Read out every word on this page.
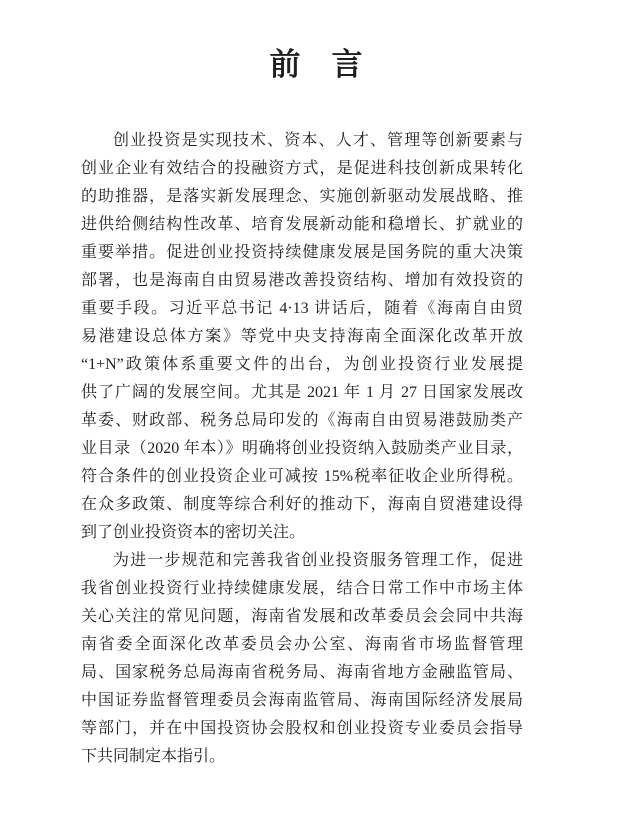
前　言
创业投资是实现技术、资本、人才、管理等创新要素与
创业企业有效结合的投融资方式，是促进科技创新成果转化
的助推器，是落实新发展理念、实施创新驱动发展战略、推
进供给侧结构性改革、培育发展新动能和稳增长、扩就业的
重要举措。促进创业投资持续健康发展是国务院的重大决策
部署，也是海南自由贸易港改善投资结构、增加有效投资的
重要手段。习近平总书记 4·13 讲话后，随着《海南自由贸
易港建设总体方案》等党中央支持海南全面深化改革开放
“1+N”政策体系重要文件的出台，为创业投资行业发展提
供了广阔的发展空间。尤其是 2021 年 1 月 27 日国家发展改
革委、财政部、税务总局印发的《海南自由贸易港鼓励类产
业目录（2020 年本）》明确将创业投资纳入鼓励类产业目录，
符合条件的创业投资企业可减按 15%税率征收企业所得税。
在众多政策、制度等综合利好的推动下，海南自贸港建设得
到了创业投资资本的密切关注。
为进一步规范和完善我省创业投资服务管理工作，促进
我省创业投资行业持续健康发展，结合日常工作中市场主体
关心关注的常见问题，海南省发展和改革委员会会同中共海
南省委全面深化改革委员会办公室、海南省市场监督管理
局、国家税务总局海南省税务局、海南省地方金融监管局、
中国证券监督管理委员会海南监管局、海南国际经济发展局
等部门，并在中国投资协会股权和创业投资专业委员会指导
下共同制定本指引。
